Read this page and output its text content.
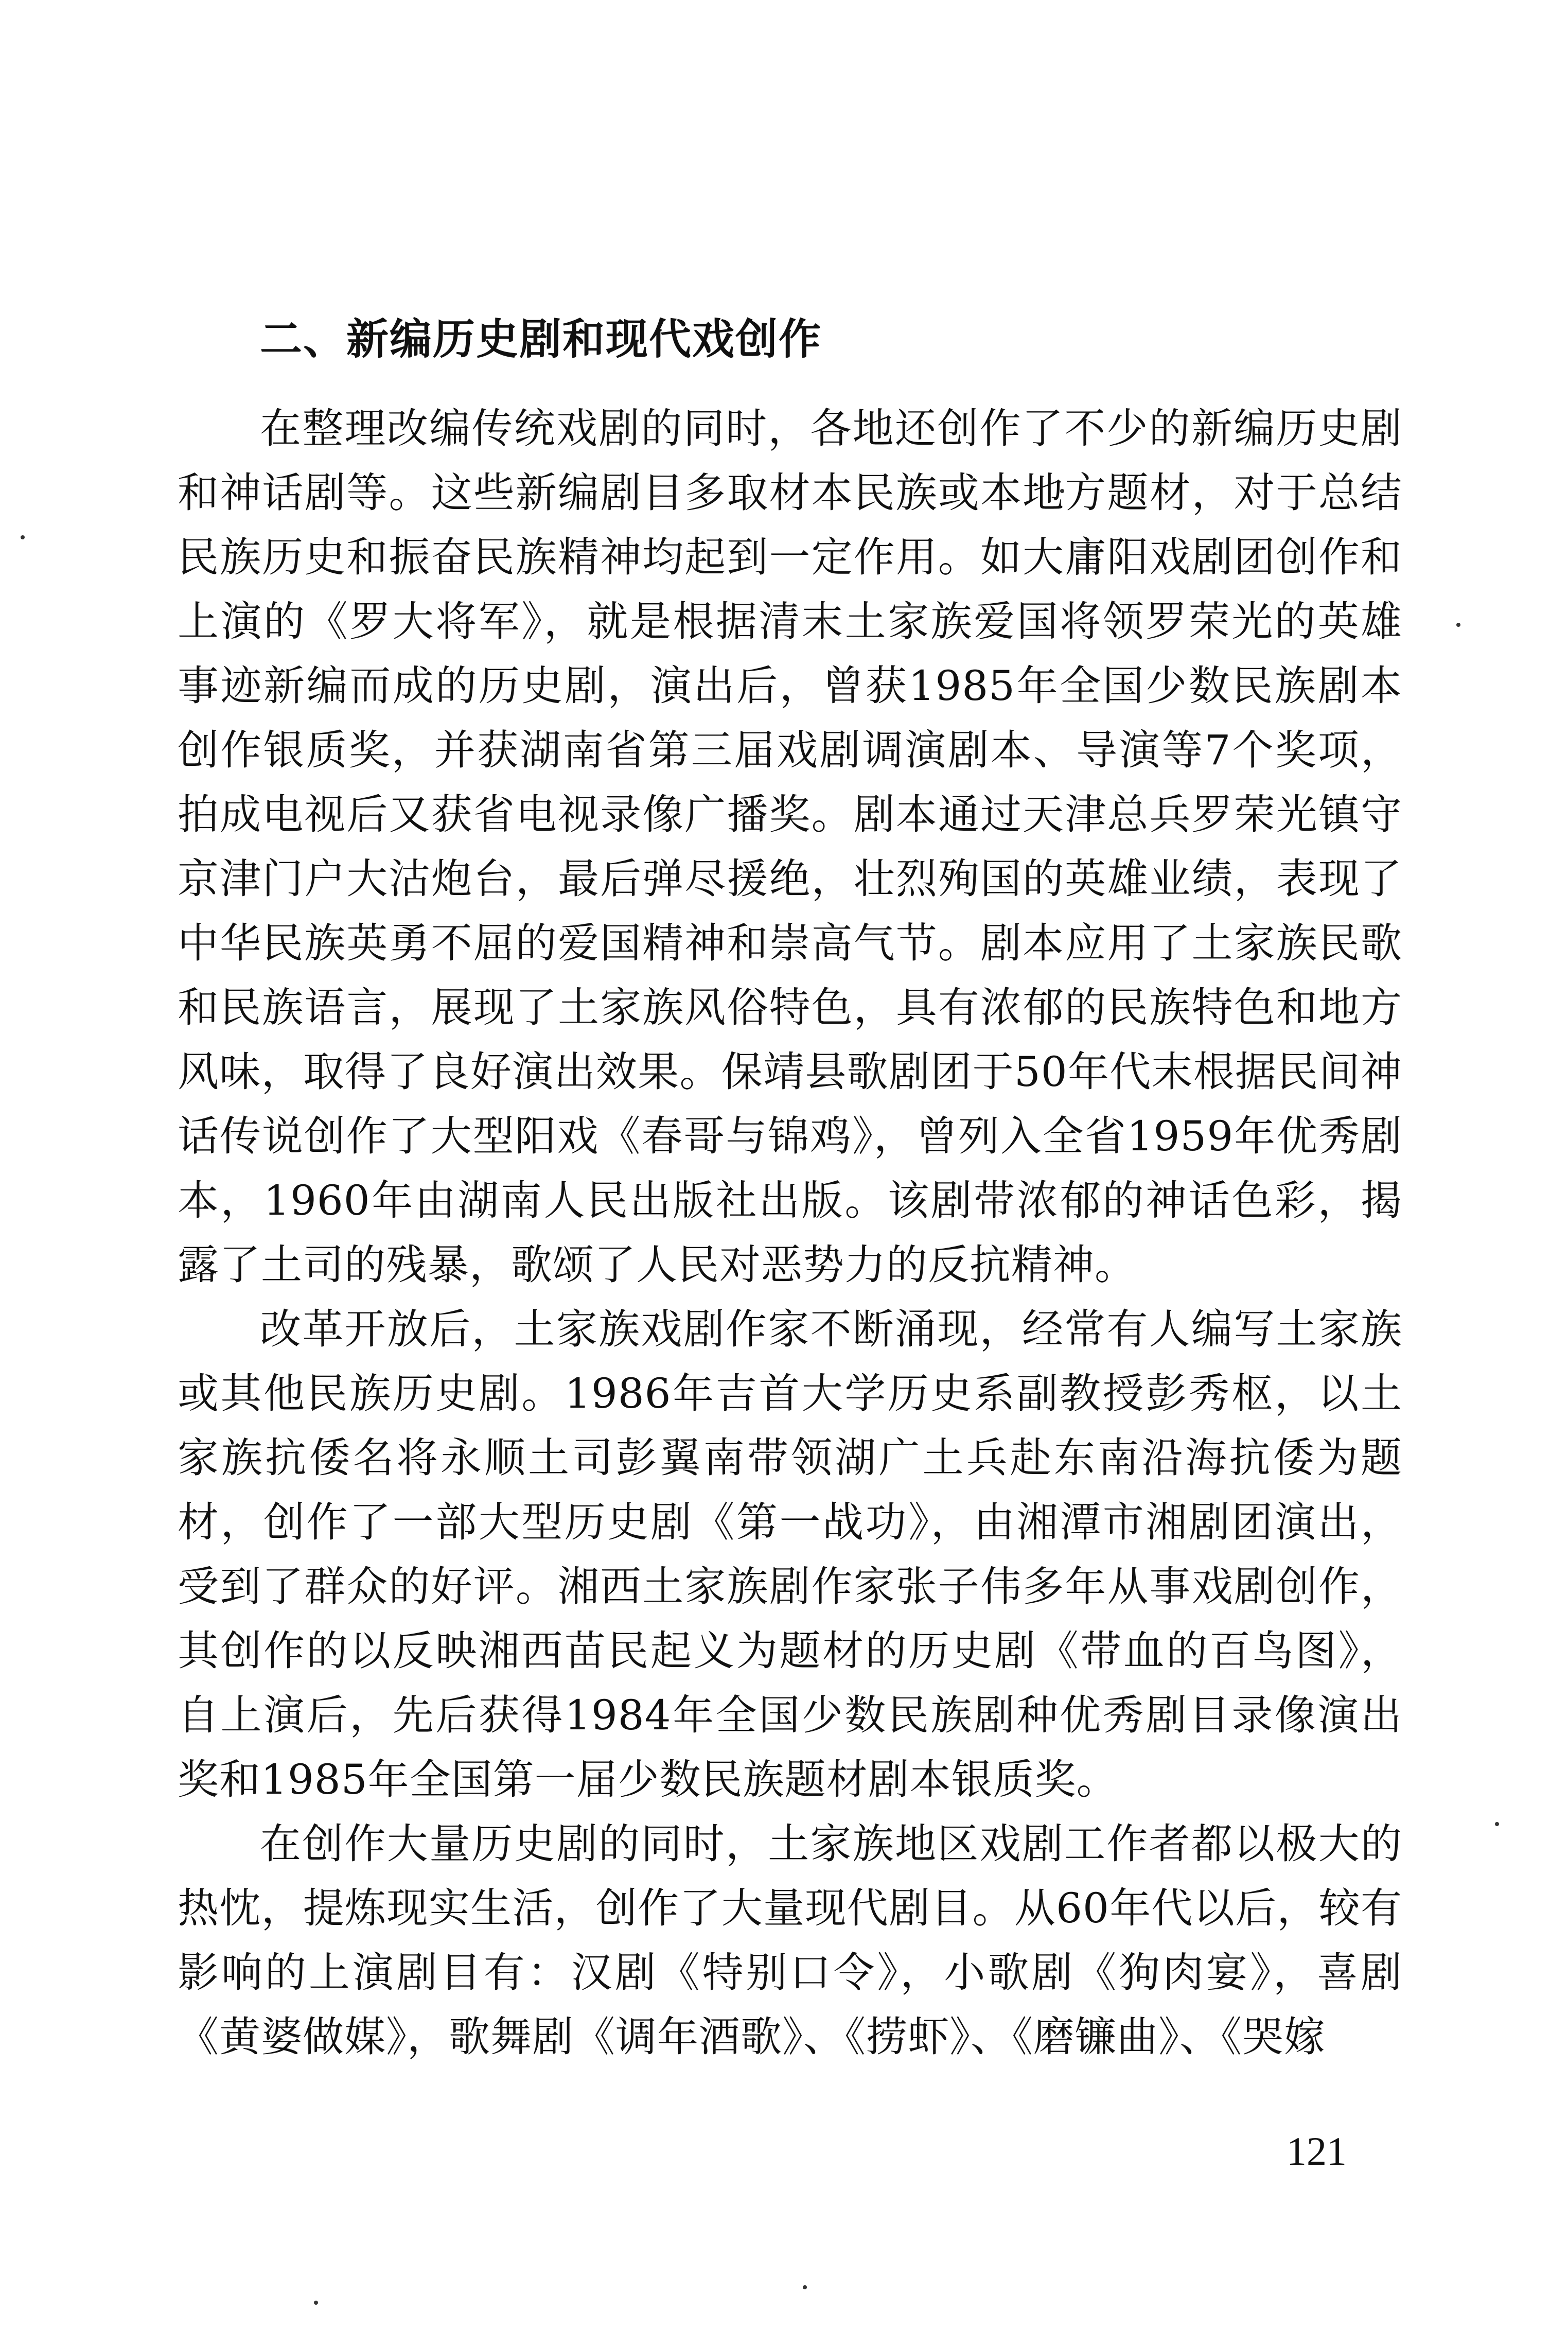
二、新编历史剧和现代戏创作

在整理改编传统戏剧的同时，各地还创作了不少的新编历史剧和神话剧等。这些新编剧目多取材本民族或本地方题材，对于总结民族历史和振奋民族精神均起到一定作用。如大庸阳戏剧团创作和上演的《罗大将军》，就是根据清末土家族爱国将领罗荣光的英雄事迹新编而成的历史剧，演出后，曾获1985年全国少数民族剧本创作银质奖，并获湖南省第三届戏剧调演剧本、导演等7个奖项，拍成电视后又获省电视录像广播奖。剧本通过天津总兵罗荣光镇守京津门户大沽炮台，最后弹尽援绝，壮烈殉国的英雄业绩，表现了中华民族英勇不屈的爱国精神和崇高气节。剧本应用了土家族民歌和民族语言，展现了土家族风俗特色，具有浓郁的民族特色和地方风味，取得了良好演出效果。保靖县歌剧团于50年代末根据民间神话传说创作了大型阳戏《春哥与锦鸡》，曾列入全省1959年优秀剧本，1960年由湖南人民出版社出版。该剧带浓郁的神话色彩，揭露了土司的残暴，歌颂了人民对恶势力的反抗精神。

改革开放后，土家族戏剧作家不断涌现，经常有人编写土家族或其他民族历史剧。1986年吉首大学历史系副教授彭秀枢，以土家族抗倭名将永顺土司彭翼南带领湖广土兵赴东南沿海抗倭为题材，创作了一部大型历史剧《第一战功》，由湘潭市湘剧团演出，受到了群众的好评。湘西土家族剧作家张子伟多年从事戏剧创作，其创作的以反映湘西苗民起义为题材的历史剧《带血的百鸟图》，自上演后，先后获得1984年全国少数民族剧种优秀剧目录像演出奖和1985年全国第一届少数民族题材剧本银质奖。

在创作大量历史剧的同时，土家族地区戏剧工作者都以极大的热忱，提炼现实生活，创作了大量现代剧目。从60年代以后，较有影响的上演剧目有：汉剧《特别口令》，小歌剧《狗肉宴》，喜剧《黄婆做媒》，歌舞剧《调年酒歌》、《捞虾》、《磨镰曲》、《哭嫁

121
